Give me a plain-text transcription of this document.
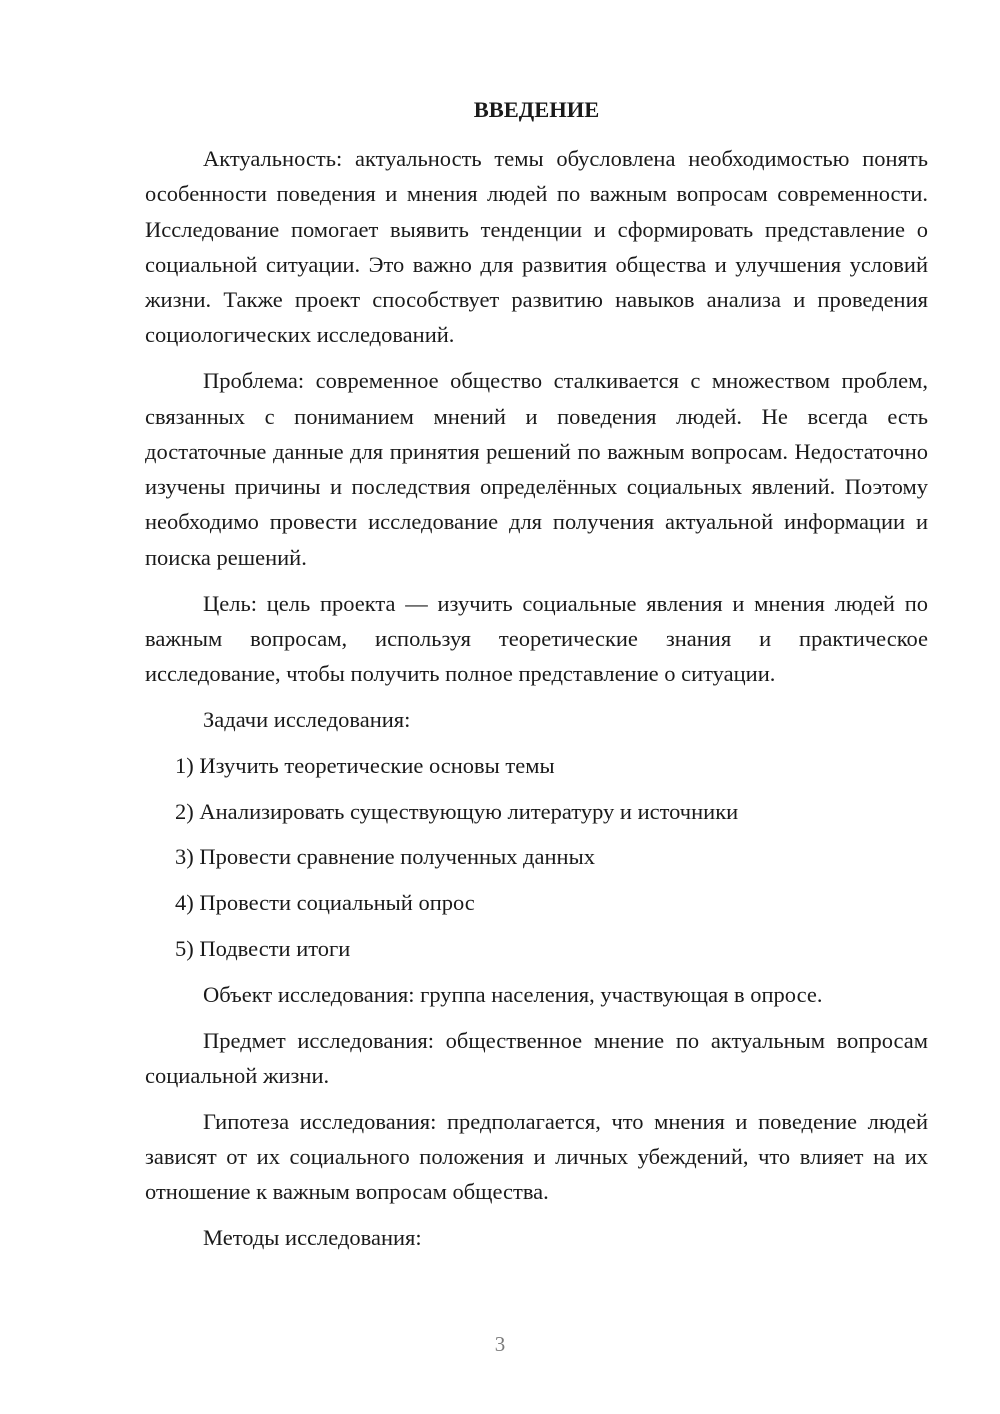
ВВЕДЕНИЕ

Актуальность: актуальность темы обусловлена необходимостью понять особенности поведения и мнения людей по важным вопросам современности. Исследование помогает выявить тенденции и сформировать представление о социальной ситуации. Это важно для развития общества и улучшения условий жизни. Также проект способствует развитию навыков анализа и проведения социологических исследований.

Проблема: современное общество сталкивается с множеством проблем, связанных с пониманием мнений и поведения людей. Не всегда есть достаточные данные для принятия решений по важным вопросам. Недостаточно изучены причины и последствия определённых социальных явлений. Поэтому необходимо провести исследование для получения актуальной информации и поиска решений.

Цель: цель проекта — изучить социальные явления и мнения людей по важным вопросам, используя теоретические знания и практическое исследование, чтобы получить полное представление о ситуации.

Задачи исследования:

1) Изучить теоретические основы темы
2) Анализировать существующую литературу и источники
3) Провести сравнение полученных данных
4) Провести социальный опрос
5) Подвести итоги

Объект исследования: группа населения, участвующая в опросе.

Предмет исследования: общественное мнение по актуальным вопросам социальной жизни.

Гипотеза исследования: предполагается, что мнения и поведение людей зависят от их социального положения и личных убеждений, что влияет на их отношение к важным вопросам общества.

Методы исследования:

3
